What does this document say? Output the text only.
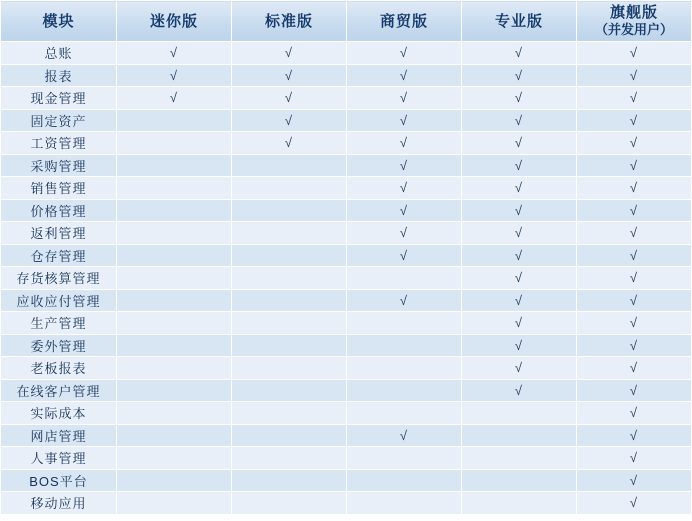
模块	迷你版	标准版	商贸版	专业版	旗舰版
（并发用户）

总账	√	√	√	√	√
报表	√	√	√	√	√
现金管理	√	√	√	√	√
固定资产		√	√	√	√
工资管理		√	√	√	√
采购管理			√	√	√
销售管理			√	√	√
价格管理			√	√	√
返利管理			√	√	√
仓存管理			√	√	√
存货核算管理				√	√
应收应付管理			√	√	√
生产管理				√	√
委外管理				√	√
老板报表				√	√
在线客户管理				√	√
实际成本					√
网店管理			√		√
人事管理					√
BOS平台					√
移动应用					√
